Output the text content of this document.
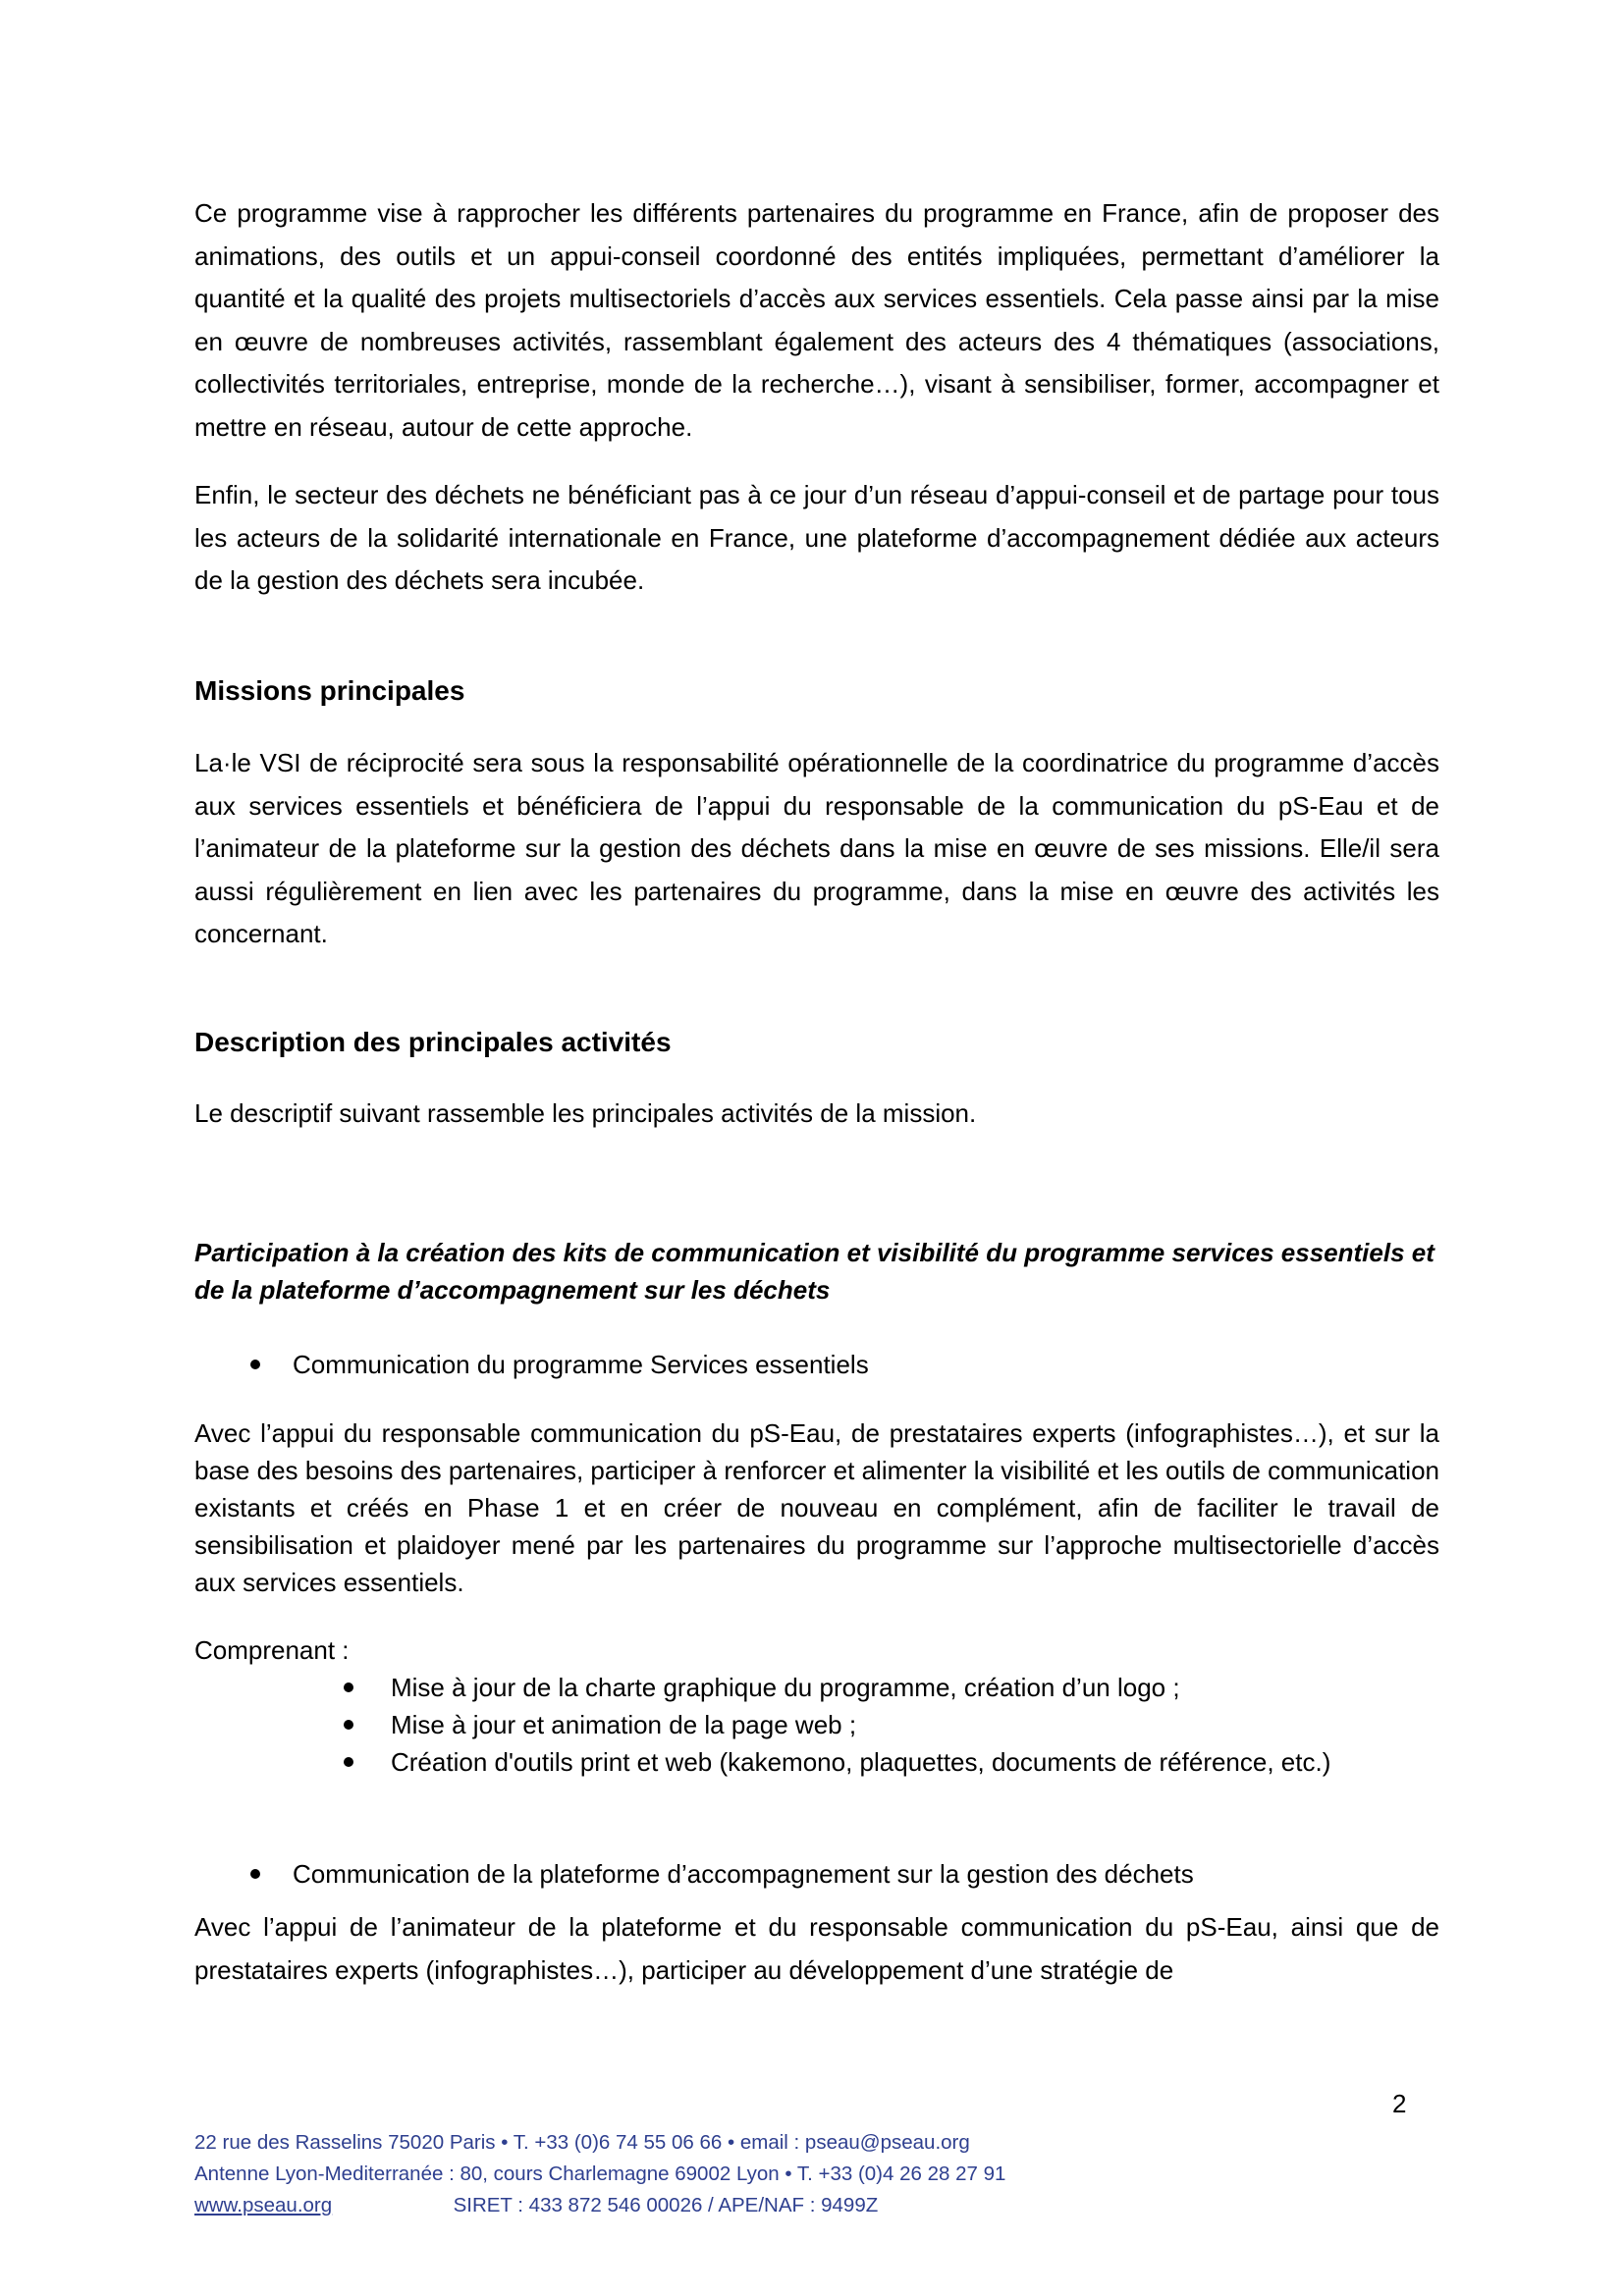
Ce programme vise à rapprocher les différents partenaires du programme en France, afin de proposer des animations, des outils et un appui-conseil coordonné des entités impliquées, permettant d’améliorer la quantité et la qualité des projets multisectoriels d’accès aux services essentiels. Cela passe ainsi par la mise en œuvre de nombreuses activités, rassemblant également des acteurs des 4 thématiques (associations, collectivités territoriales, entreprise, monde de la recherche…), visant à sensibiliser, former, accompagner et mettre en réseau, autour de cette approche.

Enfin, le secteur des déchets ne bénéficiant pas à ce jour d’un réseau d’appui-conseil et de partage pour tous les acteurs de la solidarité internationale en France, une plateforme d’accompagnement dédiée aux acteurs de la gestion des déchets sera incubée.

Missions principales

La·le VSI de réciprocité sera sous la responsabilité opérationnelle de la coordinatrice du programme d’accès aux services essentiels et bénéficiera de l’appui du responsable de la communication du pS-Eau et de l’animateur de la plateforme sur la gestion des déchets dans la mise en œuvre de ses missions. Elle/il sera aussi régulièrement en lien avec les partenaires du programme, dans la mise en œuvre des activités les concernant.

Description des principales activités

Le descriptif suivant rassemble les principales activités de la mission.

Participation à la création des kits de communication et visibilité du programme services essentiels et de la plateforme d’accompagnement sur les déchets

Communication du programme Services essentiels

Avec l’appui du responsable communication du pS-Eau, de prestataires experts (infographistes…), et sur la base des besoins des partenaires, participer à renforcer et alimenter la visibilité et les outils de communication existants et créés en Phase 1 et en créer de nouveau en complément, afin de faciliter le travail de sensibilisation et plaidoyer mené par les partenaires du programme sur l’approche multisectorielle d’accès aux services essentiels.

Comprenant :

Mise à jour de la charte graphique du programme, création d’un logo ;
Mise à jour et animation de la page web ;
Création d'outils print et web (kakemono, plaquettes, documents de référence, etc.)
Communication de la plateforme d’accompagnement sur la gestion des déchets

Avec l’appui de l’animateur de la plateforme et du responsable communication du pS-Eau, ainsi que de prestataires experts (infographistes…), participer au développement d’une stratégie de

2
22 rue des Rasselins 75020 Paris • T. +33 (0)6 74 55 06 66 • email : pseau@pseau.org
Antenne Lyon-Mediterranée : 80, cours Charlemagne 69002 Lyon • T. +33 (0)4 26 28 27 91
www.pseau.org	SIRET : 433 872 546 00026 / APE/NAF : 9499Z
